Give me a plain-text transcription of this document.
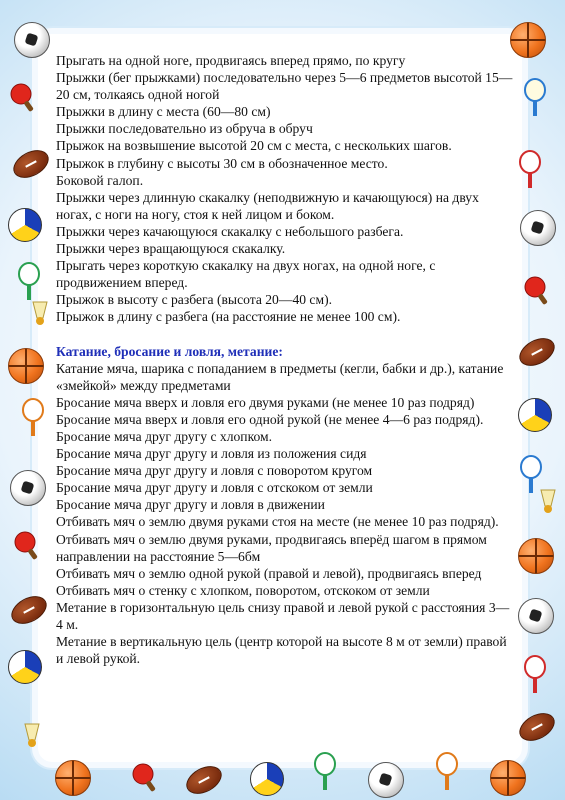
Прыгать на одной ноге, продвигаясь вперед прямо, по кругу

Прыжки (бег прыжками) последовательно через 5—6 предметов высотой 15—20 см, толкаясь одной ногой

Прыжки в длину с места (60—80 см)

Прыжки последовательно из обруча в обруч

Прыжок на возвышение высотой 20 см с места, с нескольких шагов.

Прыжок в глубину с высоты 30 см в обозначенное место.

Боковой галоп.

Прыжки через длинную скакалку (неподвижную и качающуюся) на двух ногах, с ноги на ногу, стоя к ней лицом и боком.

Прыжки через качающуюся скакалку с небольшого разбега.

Прыжки через вращающуюся скакалку.

Прыгать через короткую скакалку на двух ногах, на одной ноге, с продвижением вперед.

Прыжок в высоту с разбега (высота 20—40 см).

Прыжок в длину с разбега (на расстояние не менее 100 см).

Катание, бросание и ловля, метание:

Катание мяча, шарика с попаданием в предметы (кегли, бабки и др.), катание «змейкой» между предметами

Бросание мяча вверх и ловля его двумя руками (не менее 10 раз подряд)

Бросание мяча вверх и ловля его одной рукой (не менее 4—6 раз подряд).

Бросание мяча друг другу с хлопком.

Бросание мяча друг другу и ловля из положения сидя

Бросание мяча друг другу и ловля с поворотом кругом

Бросание мяча друг другу и ловля с отскоком от земли

Бросание мяча друг другу и ловля в движении

Отбивать мяч о землю двумя руками стоя на месте (не менее 10 раз подряд).

Отбивать мяч о землю двумя руками, продвигаясь вперёд шагом в прямом направлении на расстояние 5—6бм

Отбивать мяч о землю одной рукой (правой и левой), продвигаясь вперед

Отбивать мяч о стенку с хлопком, поворотом, отскоком от земли

Метание в горизонтальную цель снизу правой и левой рукой с расстояния 3—4 м.

Метание в вертикальную цель (центр которой на высоте 8 м от земли) правой и левой рукой.
